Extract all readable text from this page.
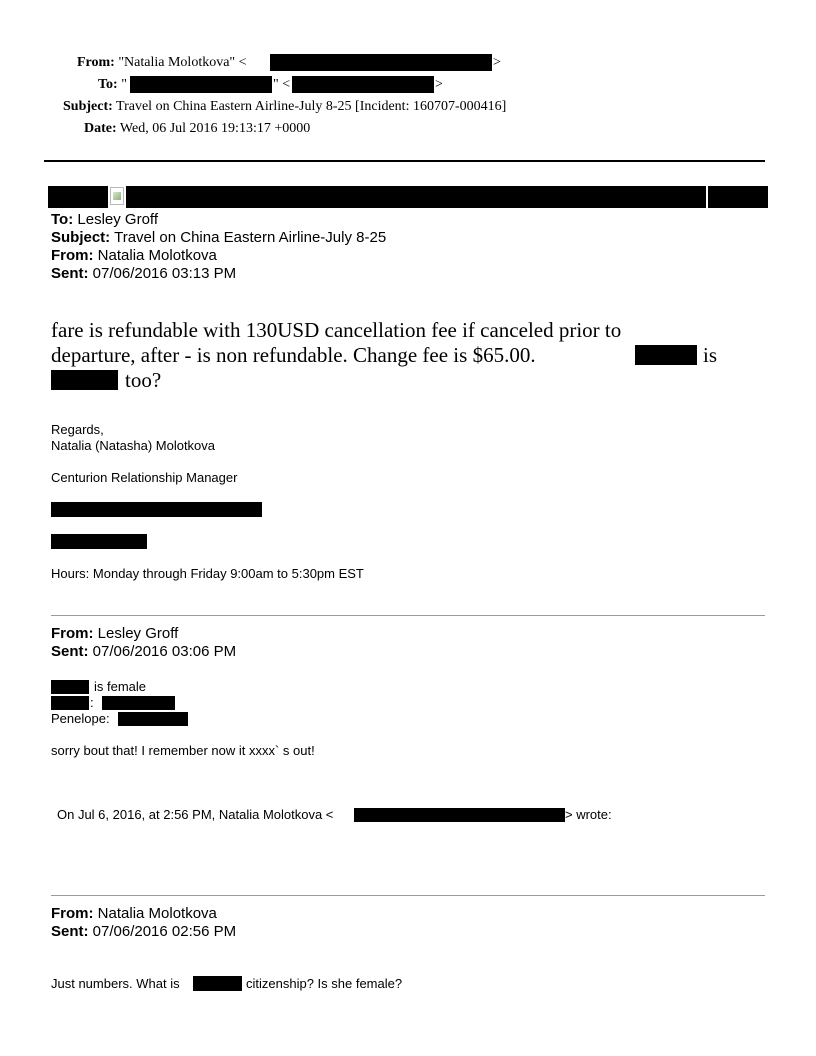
From: "Natalia Molotkova" <	>
To: "	" <	>
Subject: Travel on China Eastern Airline-July 8-25 [Incident: 160707-000416]
Date: Wed, 06 Jul 2016 19:13:17 +0000
To: Lesley Groff
Subject: Travel on China Eastern Airline-July 8-25
From: Natalia Molotkova
Sent: 07/06/2016 03:13 PM
fare is refundable with 130USD cancellation fee if canceled prior to
departure, after - is non refundable. Change fee is $65.00.	is
too?
Regards,
Natalia (Natasha) Molotkova
Centurion Relationship Manager
Hours: Monday through Friday 9:00am to 5:30pm EST
From: Lesley Groff
Sent: 07/06/2016 03:06 PM
is female
:
Penelope:
sorry bout that! I remember now it xxxx` s out!
On Jul 6, 2016, at 2:56 PM, Natalia Molotkova <	> wrote:
From: Natalia Molotkova
Sent: 07/06/2016 02:56 PM
Just numbers. What is	citizenship? Is she female?
